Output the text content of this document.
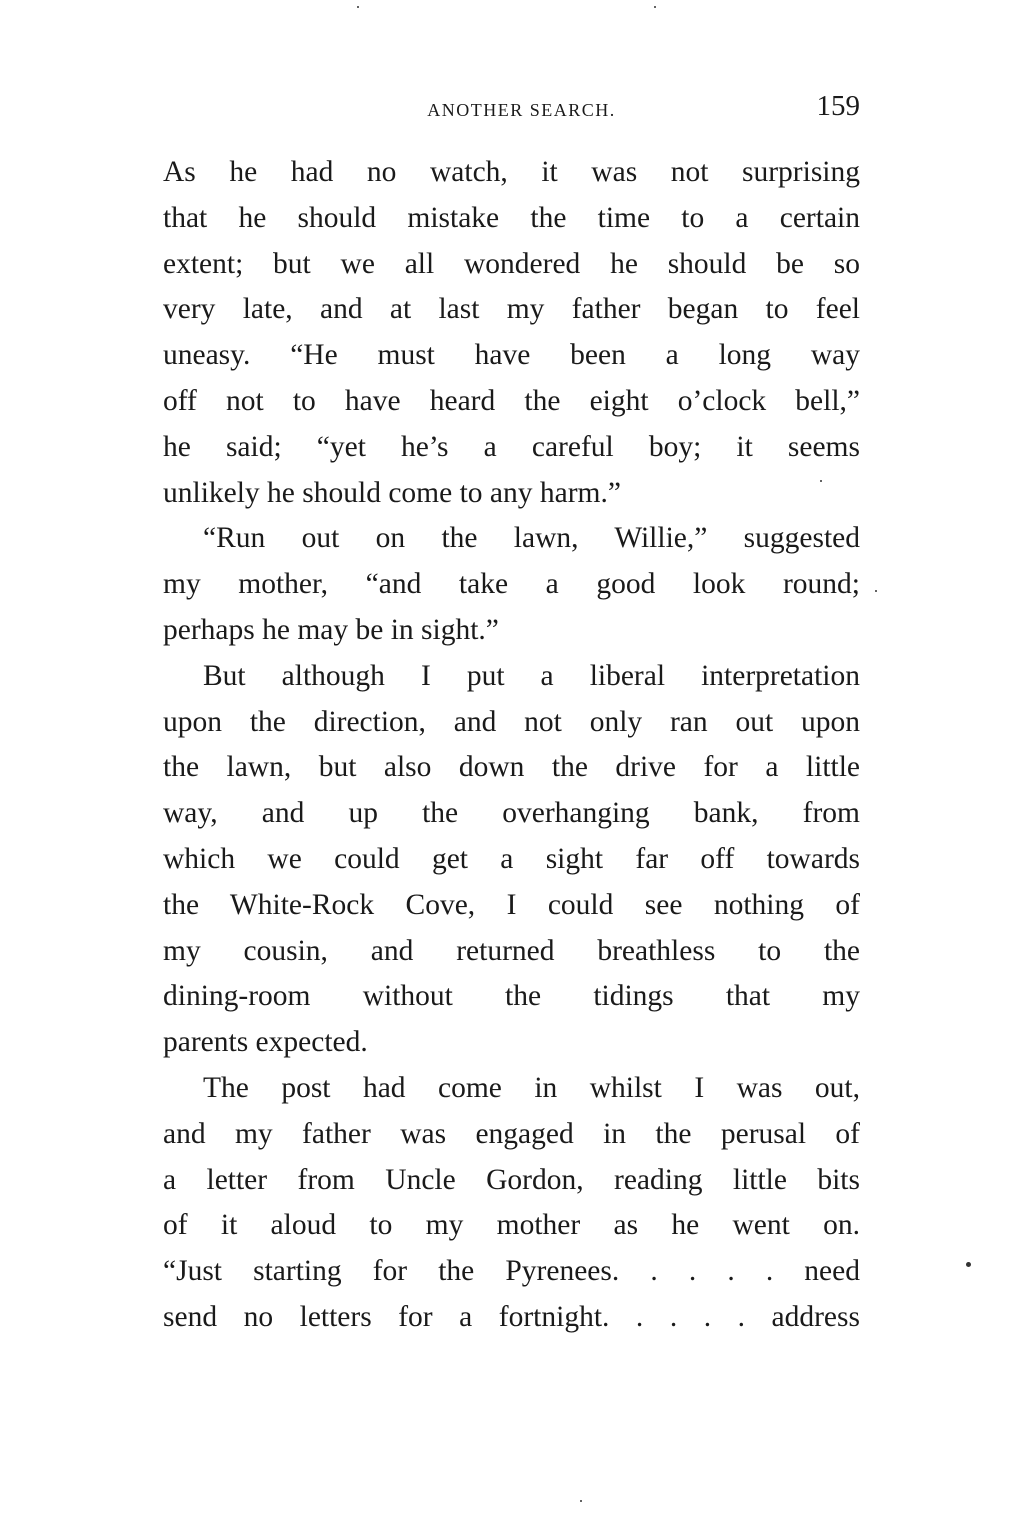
ANOTHER SEARCH.	159
As he had no watch, it was not surprising
that he should mistake the time to a certain
extent; but we all wondered he should be so
very late, and at last my father began to feel
uneasy. “He must have been a long way
off not to have heard the eight o’clock bell,”
he said; “yet he’s a careful boy; it seems
unlikely he should come to any harm.”
“Run out on the lawn, Willie,” suggested
my mother, “and take a good look round;
perhaps he may be in sight.”
But although I put a liberal interpretation
upon the direction, and not only ran out upon
the lawn, but also down the drive for a little
way, and up the overhanging bank, from
which we could get a sight far off towards
the White-Rock Cove, I could see nothing of
my cousin, and returned breathless to the
dining-room without the tidings that my
parents expected.
The post had come in whilst I was out,
and my father was engaged in the perusal of
a letter from Uncle Gordon, reading little bits
of it aloud to my mother as he went on.
“Just starting for the Pyrenees. . . . . need
send no letters for a fortnight. . . . . address
